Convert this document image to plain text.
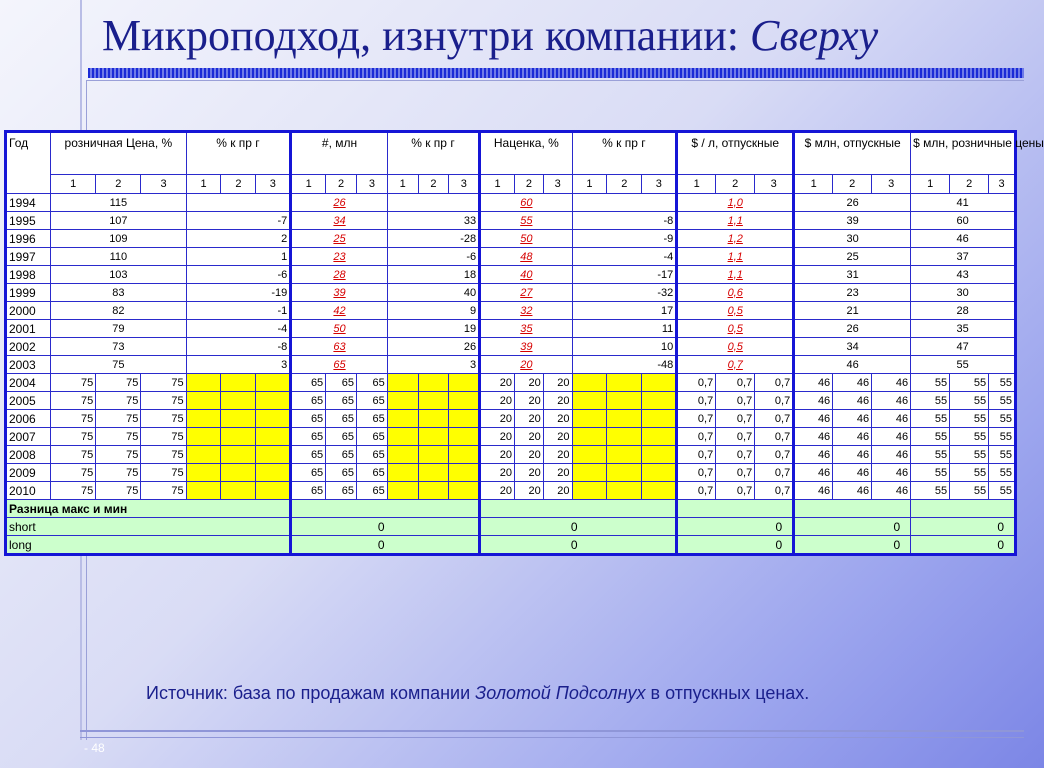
Микроподход, изнутри компании: Сверху
Год	розничная Цена, %			% к пр г			#, млн			% к пр г			Наценка, %			% к пр г			$ / л, отпускные			$ млн, отпускные			$ млн, розничные цены		
	1	2	3	1	2	3	1	2	3	1	2	3	1	2	3	1	2	3	1	2	3	1	2	3	1	2	3
1994	115						26						60						1,0			26			41		
1995	107			-7			34			33			55			-8			1,1			39			60		
1996	109			2			25			-28			50			-9			1,2			30			46		
1997	110			1			23			-6			48			-4			1,1			25			37		
1998	103			-6			28			18			40			-17			1,1			31			43		
1999	83			-19			39			40			27			-32			0,6			23			30		
2000	82			-1			42			9			32			17			0,5			21			28		
2001	79			-4			50			19			35			11			0,5			26			35		
2002	73			-8			63			26			39			10			0,5			34			47		
2003	75			3			65			3			20			-48			0,7			46			55		
2004	75	75	75				65	65	65				20	20	20				0,7	0,7	0,7	46	46	46	55	55	55
2005	75	75	75				65	65	65				20	20	20				0,7	0,7	0,7	46	46	46	55	55	55
2006	75	75	75				65	65	65				20	20	20				0,7	0,7	0,7	46	46	46	55	55	55
2007	75	75	75				65	65	65				20	20	20				0,7	0,7	0,7	46	46	46	55	55	55
2008	75	75	75				65	65	65				20	20	20				0,7	0,7	0,7	46	46	46	55	55	55
2009	75	75	75				65	65	65				20	20	20				0,7	0,7	0,7	46	46	46	55	55	55
2010	75	75	75				65	65	65				20	20	20				0,7	0,7	0,7	46	46	46	55	55	55
Разница макс и мин																											
short							0						0						0			0			0		
long							0						0						0			0			0		
Источник: база по продажам компании Золотой Подсолнух в отпускных ценах.
- 48
